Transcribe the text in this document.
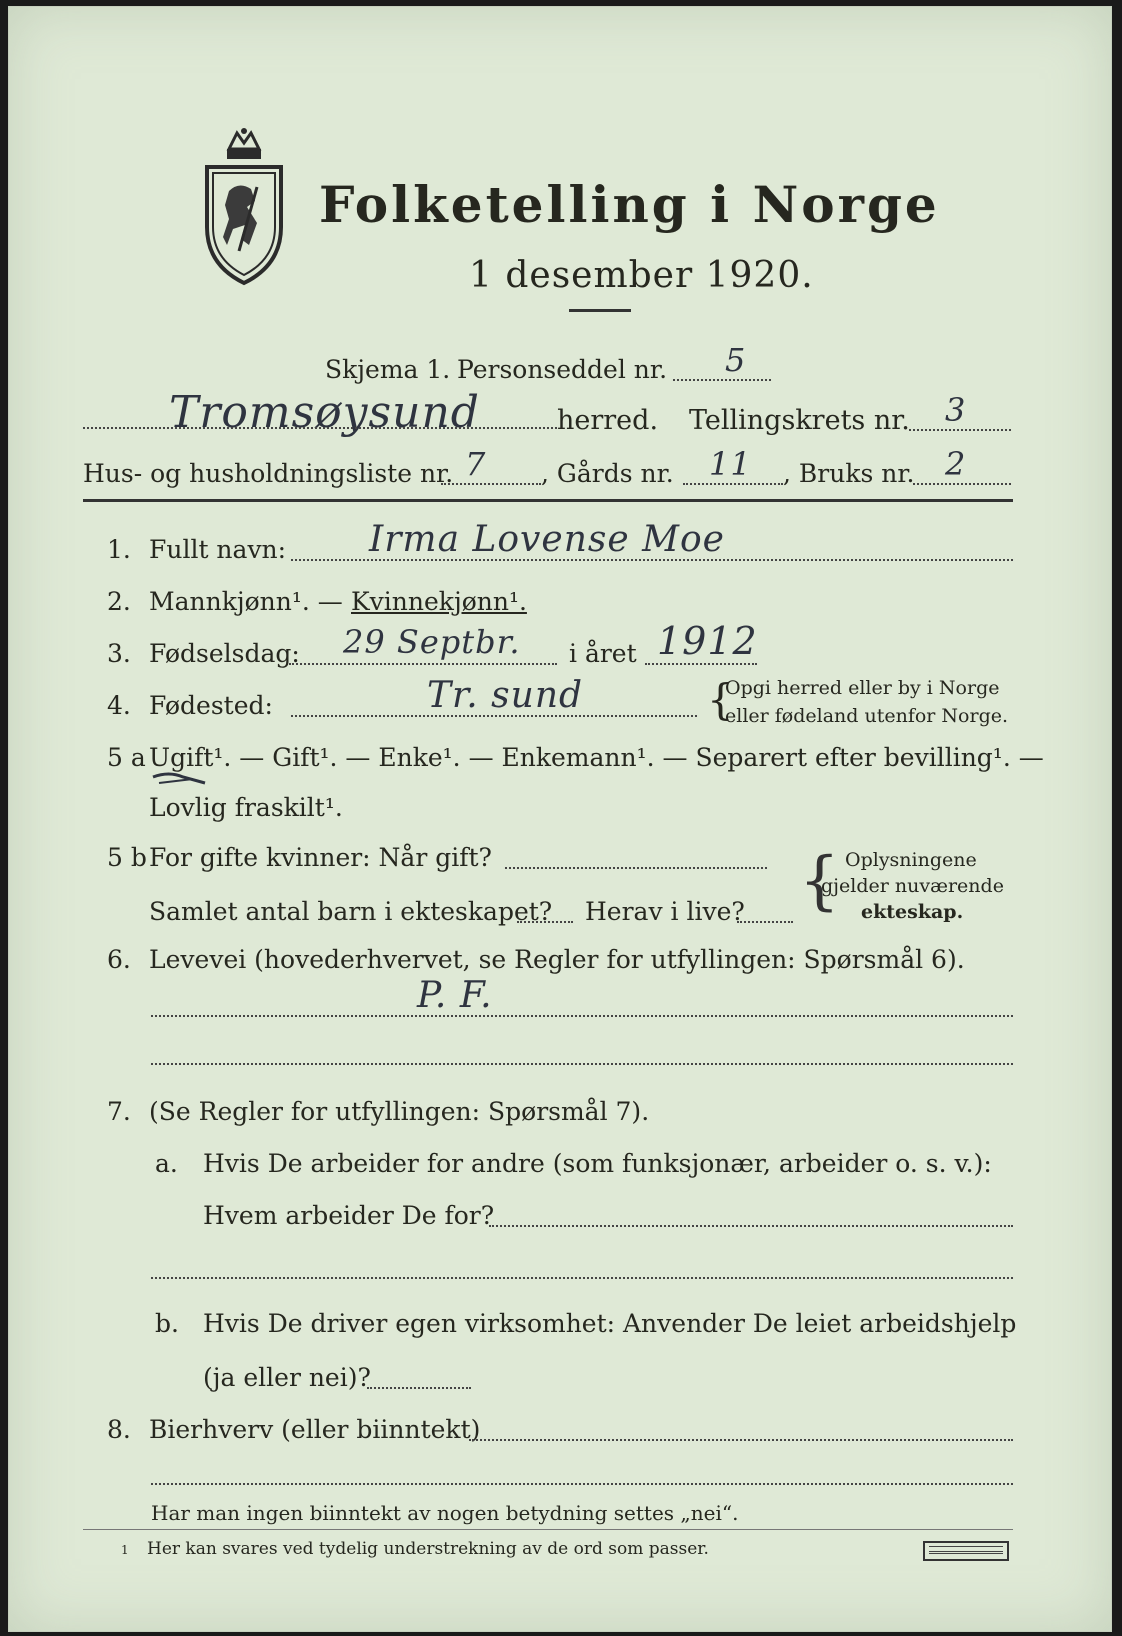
Folketelling i Norge
1 desember 1920.
Skjema 1. Personseddel nr. 5
Tromsøysund	herred. Tellingskrets nr. 3
Hus- og husholdningsliste nr. 7 , Gårds nr. 11 , Bruks nr. 2
1. Fullt navn: Irma Lovense Moe
2. Mannkjønn¹. — Kvinnekjønn¹.
3. Fødselsdag: 29 Septbr. i året 1912
4. Fødested:	Tr. sund	{
Opgi herred eller by i Norge
eller fødeland utenfor Norge.
5 a Ugift¹. — Gift¹. — Enke¹. — Enkemann¹. — Separert efter bevilling¹. —
Lovlig fraskilt¹.
5 b For gifte kvinner: Når gift?
Samlet antal barn i ekteskapet? Herav i live? { Oplysningene
gjelder nuværende
ekteskap.
6. Levevei (hovederhvervet, se Regler for utfyllingen: Spørsmål 6).
P. F.
7. (Se Regler for utfyllingen: Spørsmål 7).
a. Hvis De arbeider for andre (som funksjonær, arbeider o. s. v.):
Hvem arbeider De for?
b. Hvis De driver egen virksomhet: Anvender De leiet arbeidshjelp
(ja eller nei)?
8. Bierhverv (eller biinntekt)
Har man ingen biinntekt av nogen betydning settes „nei“.
1 Her kan svares ved tydelig understrekning av de ord som passer.
